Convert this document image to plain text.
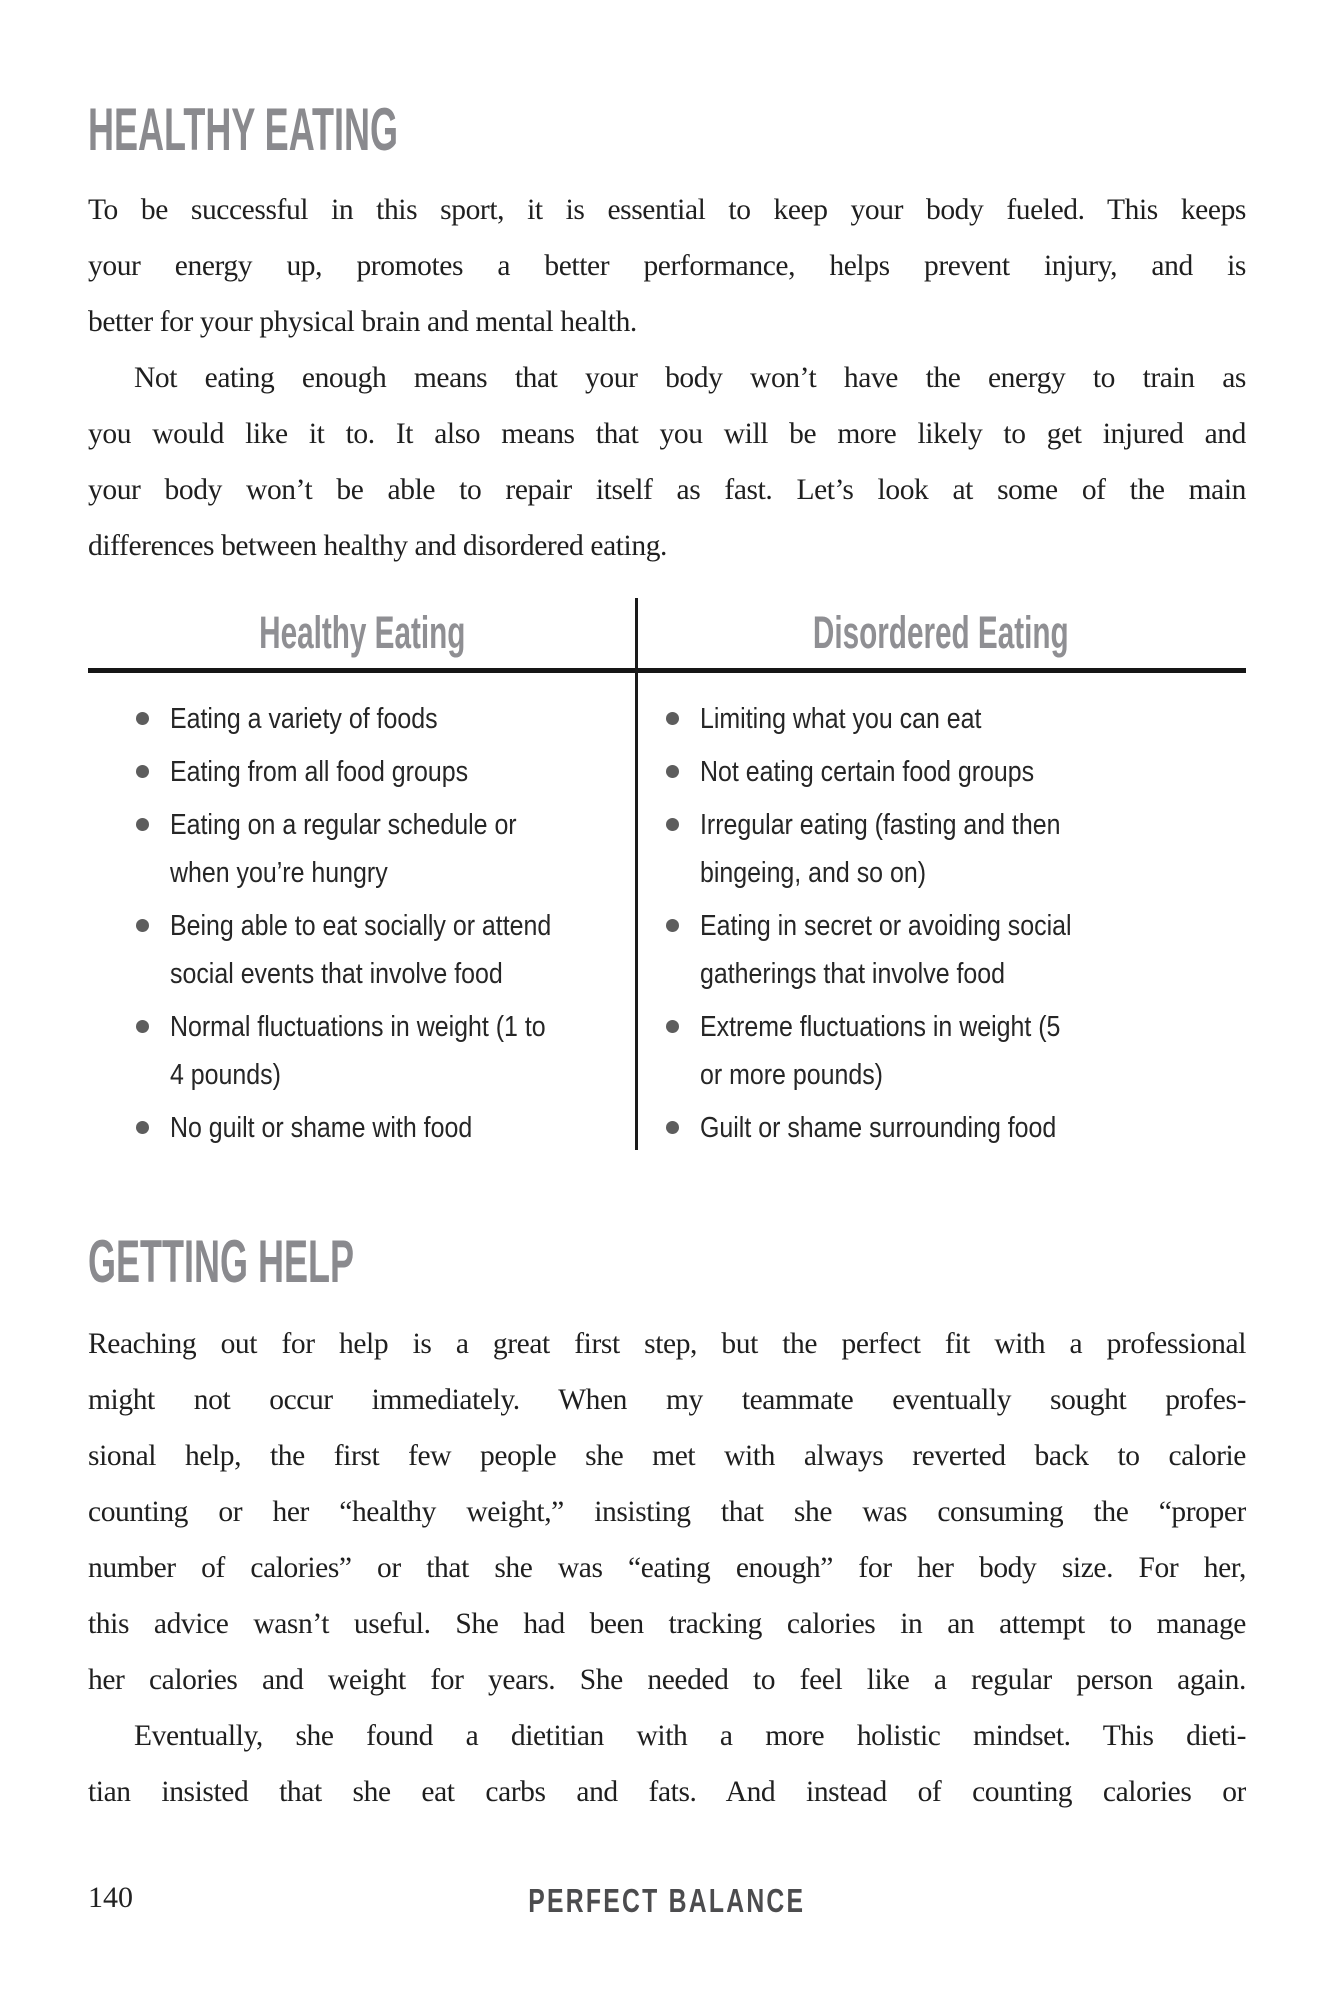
HEALTHY EATING
To be successful in this sport, it is essential to keep your body fueled. This keeps
your energy up, promotes a better performance, helps prevent injury, and is
better for your physical brain and mental health.
Not eating enough means that your body won’t have the energy to train as
you would like it to. It also means that you will be more likely to get injured and
your body won’t be able to repair itself as fast. Let’s look at some of the main
differences between healthy and disordered eating.
Healthy Eating	Disordered Eating
Eating a variety of foods
Eating from all food groups
Eating on a regular schedule or
when you’re hungry
Being able to eat socially or attend
social events that involve food
Normal fluctuations in weight (1 to
4 pounds)
No guilt or shame with food
Limiting what you can eat
Not eating certain food groups
Irregular eating (fasting and then
bingeing, and so on)
Eating in secret or avoiding social
gatherings that involve food
Extreme fluctuations in weight (5
or more pounds)
Guilt or shame surrounding food
GETTING HELP
Reaching out for help is a great first step, but the perfect fit with a professional
might not occur immediately. When my teammate eventually sought profes-
sional help, the first few people she met with always reverted back to calorie
counting or her “healthy weight,” insisting that she was consuming the “proper
number of calories” or that she was “eating enough” for her body size. For her,
this advice wasn’t useful. She had been tracking calories in an attempt to manage
her calories and weight for years. She needed to feel like a regular person again.
Eventually, she found a dietitian with a more holistic mindset. This dieti-
tian insisted that she eat carbs and fats. And instead of counting calories or
140	PERFECT BALANCE
